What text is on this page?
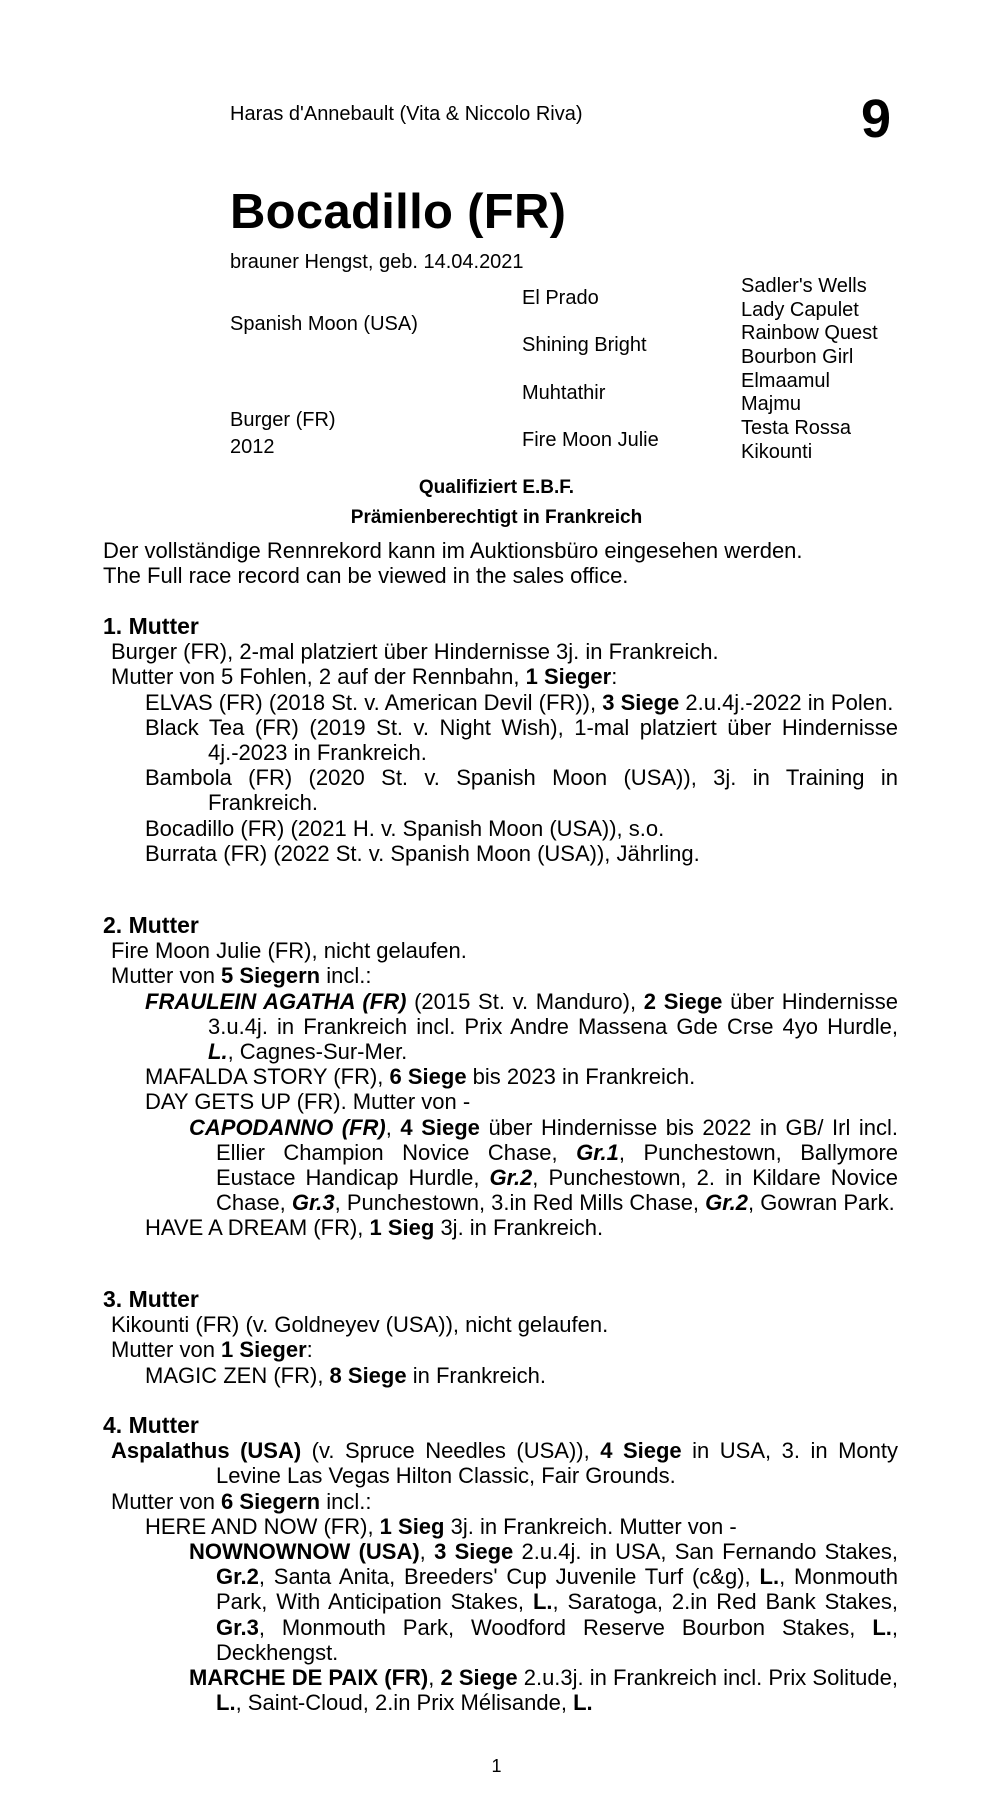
Haras d'Annebault (Vita & Niccolo Riva)	9
Bocadillo (FR)
brauner Hengst, geb. 14.04.2021
Spanish Moon (USA)
Burger (FR)
2012
El Prado
Shining Bright
Muhtathir
Fire Moon Julie
Sadler's Wells
Lady Capulet
Rainbow Quest
Bourbon Girl
Elmaamul
Majmu
Testa Rossa
Kikounti
Qualifiziert E.B.F.
Prämienberechtigt in Frankreich
Der vollständige Rennrekord kann im Auktionsbüro eingesehen werden.
The Full race record can be viewed in the sales office.
1. Mutter
Burger (FR), 2-mal platziert über Hindernisse 3j. in Frankreich.
Mutter von 5 Fohlen, 2 auf der Rennbahn, 1 Sieger:
ELVAS (FR) (2018 St. v. American Devil (FR)), 3 Siege 2.u.4j.-2022 in Polen.
Black Tea (FR) (2019 St. v. Night Wish), 1-mal platziert über Hindernisse 4j.-2023 in Frankreich.
Bambola (FR) (2020 St. v. Spanish Moon (USA)), 3j. in Training in Frankreich.
Bocadillo (FR) (2021 H. v. Spanish Moon (USA)), s.o.
Burrata (FR) (2022 St. v. Spanish Moon (USA)), Jährling.
2. Mutter
Fire Moon Julie (FR), nicht gelaufen.
Mutter von 5 Siegern incl.:
FRAULEIN AGATHA (FR) (2015 St. v. Manduro), 2 Siege über Hindernisse 3.u.4j. in Frankreich incl. Prix Andre Massena Gde Crse 4yo Hurdle, L., Cagnes-Sur-Mer.
MAFALDA STORY (FR), 6 Siege bis 2023 in Frankreich.
DAY GETS UP (FR). Mutter von -
CAPODANNO (FR), 4 Siege über Hindernisse bis 2022 in GB/ Irl incl. Ellier Champion Novice Chase, Gr.1, Punchestown, Ballymore Eustace Handicap Hurdle, Gr.2, Punchestown, 2. in Kildare Novice Chase, Gr.3, Punchestown, 3.in Red Mills Chase, Gr.2, Gowran Park.
HAVE A DREAM (FR), 1 Sieg 3j. in Frankreich.
3. Mutter
Kikounti (FR) (v. Goldneyev (USA)), nicht gelaufen.
Mutter von 1 Sieger:
MAGIC ZEN (FR), 8 Siege in Frankreich.
4. Mutter
Aspalathus (USA) (v. Spruce Needles (USA)), 4 Siege in USA, 3. in Monty Levine Las Vegas Hilton Classic, Fair Grounds.
Mutter von 6 Siegern incl.:
HERE AND NOW (FR), 1 Sieg 3j. in Frankreich. Mutter von -
NOWNOWNOW (USA), 3 Siege 2.u.4j. in USA, San Fernando Stakes, Gr.2, Santa Anita, Breeders' Cup Juvenile Turf (c&g), L., Monmouth Park, With Anticipation Stakes, L., Saratoga, 2.in Red Bank Stakes, Gr.3, Monmouth Park, Woodford Reserve Bourbon Stakes, L., Deckhengst.
MARCHE DE PAIX (FR), 2 Siege 2.u.3j. in Frankreich incl. Prix Solitude, L., Saint-Cloud, 2.in Prix Mélisande, L.
1
